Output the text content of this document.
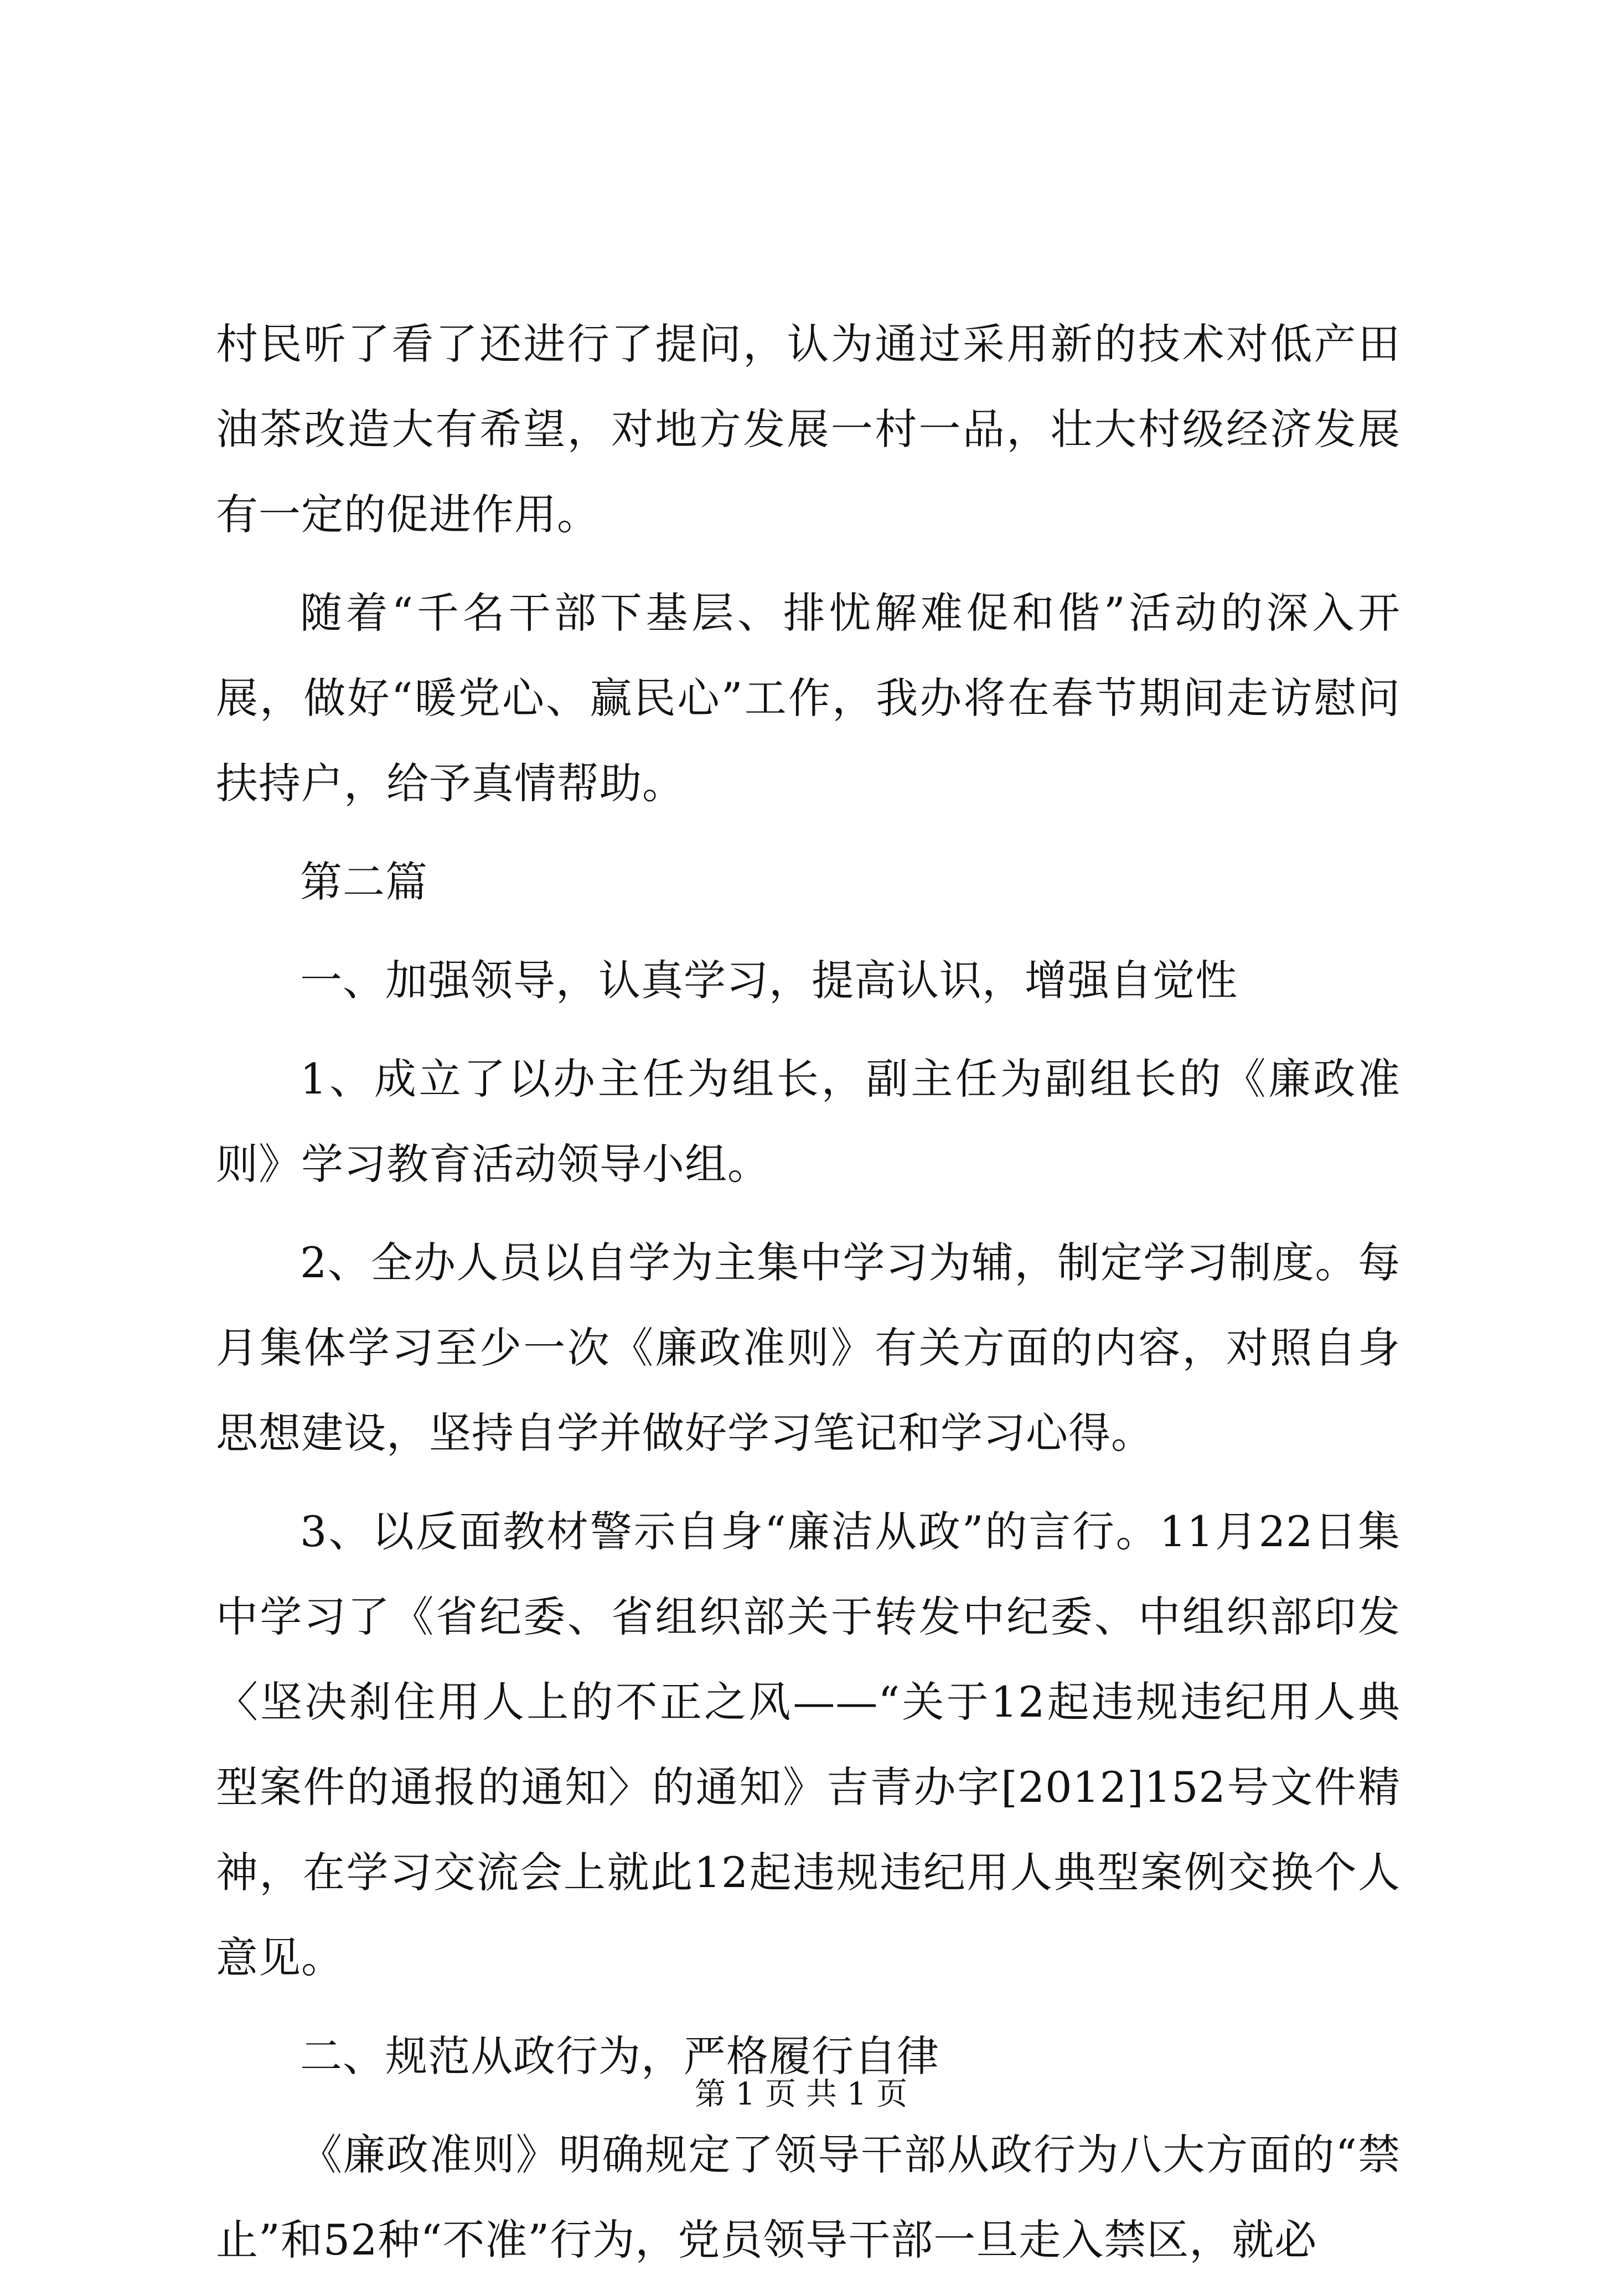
村民听了看了还进行了提问，认为通过采用新的技术对低产田油茶改造大有希望，对地方发展一村一品，壮大村级经济发展有一定的促进作用。

随着“千名干部下基层、排忧解难促和偕”活动的深入开展，做好“暖党心、赢民心”工作，我办将在春节期间走访慰问扶持户，给予真情帮助。

第二篇

一、加强领导，认真学习，提高认识，增强自觉性

1、成立了以办主任为组长，副主任为副组长的《廉政准则》学习教育活动领导小组。

2、全办人员以自学为主集中学习为辅，制定学习制度。每月集体学习至少一次《廉政准则》有关方面的内容，对照自身思想建设，坚持自学并做好学习笔记和学习心得。

3、以反面教材警示自身“廉洁从政”的言行。11月22日集中学习了《省纪委、省组织部关于转发中纪委、中组织部印发〈坚决刹住用人上的不正之风——“关于12起违规违纪用人典型案件的通报的通知〉的通知》吉青办字[2012]152号文件精神，在学习交流会上就此12起违规违纪用人典型案例交换个人意见。

二、规范从政行为，严格履行自律

《廉政准则》明确规定了领导干部从政行为八大方面的“禁止”和52种“不准”行为，党员领导干部一旦走入禁区，就必

第 1 页 共 1 页
